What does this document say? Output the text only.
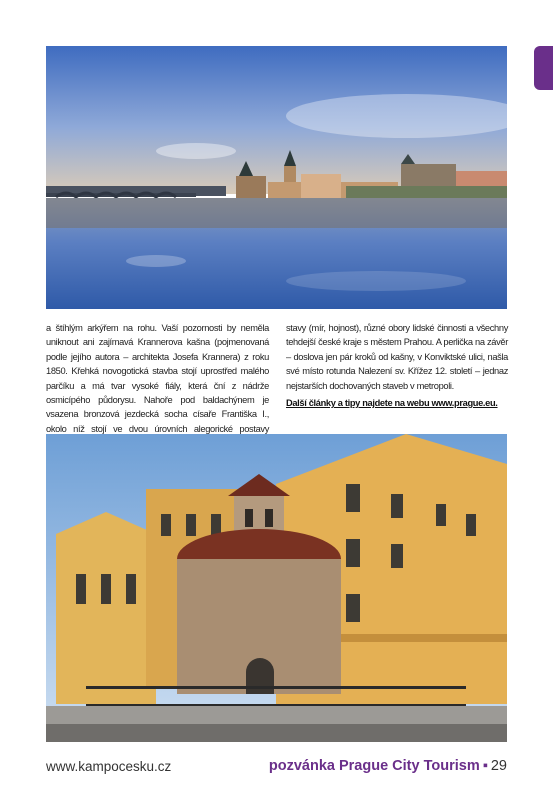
a štíhlým arkýřem na rohu. Vaší pozornosti by neměla uniknout ani zajímavá Krannerova kašna (pojmenovaná podle jejího autora – architekta Josefa Krannera) z roku 1850. Křehká novogotická stavba stojí uprostřed malého parčíku a má tvar vysoké fiály, která ční z nádrže osmicípého půdorysu. Nahoře pod baldachýnem je vsazena bronzová jezdecká socha císaře Františka I., okolo níž stojí ve dvou úrovních alegorické postavy

stavy (mír, hojnost), různé obory lidské činnosti a všechny tehdejší české kraje s městem Prahou. A perlička na závěr – doslova jen pár kroků od kašny, v Konviktské ulici, našla své místo rotunda Nalezení sv. Křížez 12. století – jednaz nejstarších dochovaných staveb v metropoli.

Další články a tipy najdete na webu www.prague.eu.
www.kampocesku.cz	pozvánka Prague City Tourism ▪ 29
